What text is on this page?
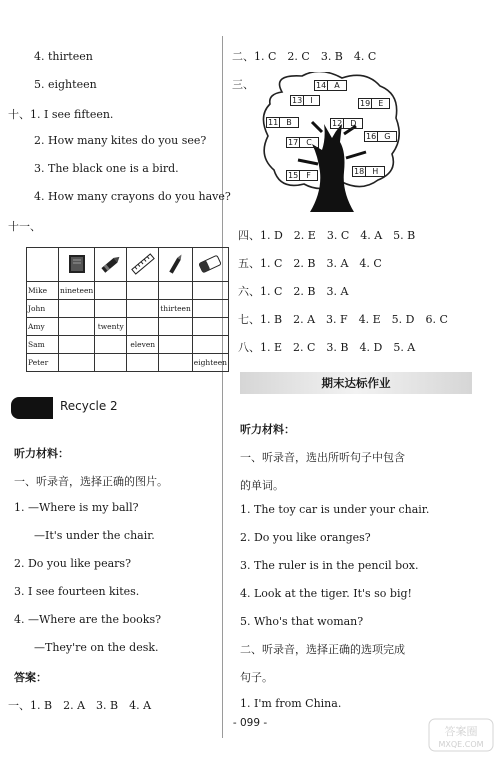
4. thirteen
5. eighteen
十、1. I see fifteen.
2. How many kites do you see?
3. The black one is a bird.
4. How many crayons do you have?
十一、

Mike	nineteen				
John				thirteen	
Amy		twenty			
Sam			eleven		
Peter					eighteen
Recycle 2
听力材料：
一、听录音，选择正确的图片。
1. —Where is my ball?
—It's under the chair.
2. Do you like pears?
3. I see fourteen kites.
4. —Where are the books?
—They're on the desk.
答案：
一、1. B　2. A　3. B　4. A
二、1. C　2. C　3. B　4. C
三、	14 A
13 I	19 E
11 B	12 D
16 G
17 C
15 F	18 H
四、1. D　2. E　3. C　4. A　5. B
五、1. C　2. B　3. A　4. C
六、1. C　2. B　3. A
七、1. B　2. A　3. F　4. E　5. D　6. C
八、1. E　2. C　3. B　4. D　5. A
期末达标作业
听力材料：
一、听录音，选出所听句子中包含
的单词。
1. The toy car is under your chair.
2. Do you like oranges?
3. The ruler is in the pencil box.
4. Look at the tiger. It's so big!
5. Who's that woman?
二、听录音，选择正确的选项完成
句子。
1. I'm from China.
- 099 -
答案圈
MXQE.COM
